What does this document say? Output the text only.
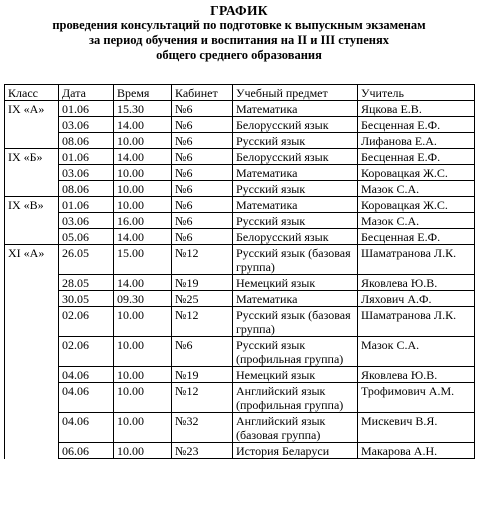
ГРАФИК
проведения консультаций по подготовке к выпускным экзаменам
за период обучения и воспитания на II и III ступенях
общего среднего образования
Класс	Дата	Время	Кабинет	Учебный предмет	Учитель
IX «А»	01.06	15.30	№6	Математика	Яцкова Е.В.
	03.06	14.00	№6	Белорусский язык	Бесценная Е.Ф.
	08.06	10.00	№6	Русский язык	Лифанова Е.А.
IX «Б»	01.06	14.00	№6	Белорусский язык	Бесценная Е.Ф.
	03.06	10.00	№6	Математика	Коровацкая Ж.С.
	08.06	10.00	№6	Русский язык	Мазок С.А.
IX «В»	01.06	10.00	№6	Математика	Коровацкая Ж.С.
	03.06	16.00	№6	Русский язык	Мазок С.А.
	05.06	14.00	№6	Белорусский язык	Бесценная Е.Ф.
XI «А»	26.05	15.00	№12	Русский язык (базовая группа)	Шаматранова Л.К.
	28.05	14.00	№19	Немецкий язык	Яковлева Ю.В.
	30.05	09.30	№25	Математика	Ляхович А.Ф.
	02.06	10.00	№12	Русский язык (базовая группа)	Шаматранова Л.К.
	02.06	10.00	№6	Русский язык (профильная группа)	Мазок С.А.
	04.06	10.00	№19	Немецкий язык	Яковлева Ю.В.
	04.06	10.00	№12	Английский язык (профильная группа)	Трофимович А.М.
	04.06	10.00	№32	Английский язык (базовая группа)	Мискевич В.Я.
	06.06	10.00	№23	История Беларуси	Макарова А.Н.
